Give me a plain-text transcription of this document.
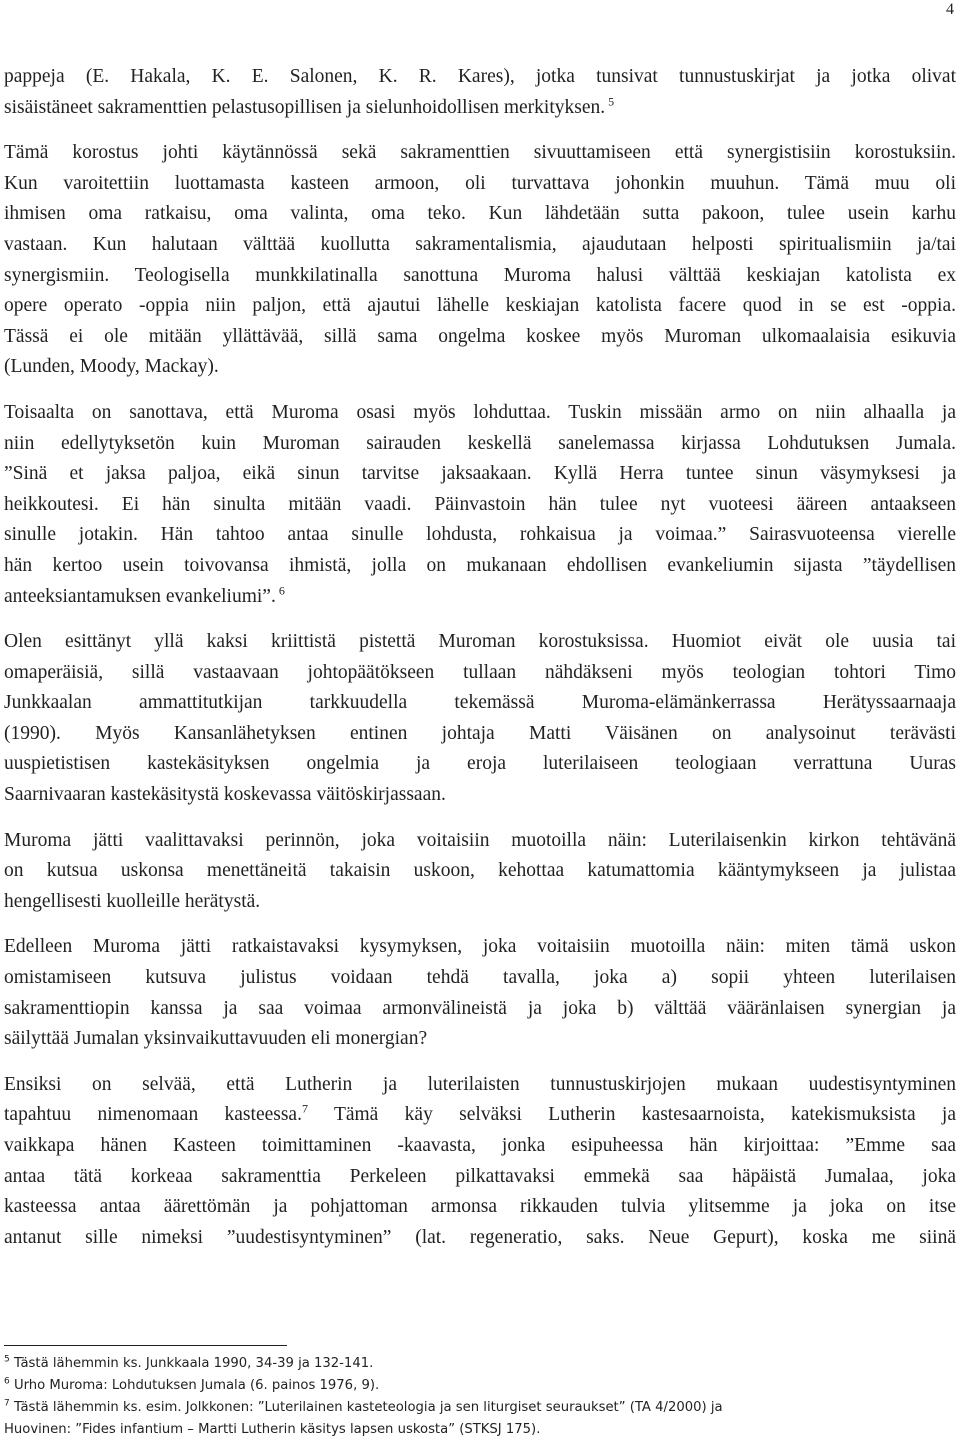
4

pappeja (E. Hakala, K. E. Salonen, K. R. Kares), jotka tunsivat tunnustuskirjat ja jotka olivat
sisäistäneet sakramenttien pelastusopillisen ja sielunhoidollisen merkityksen. $^5$

Tämä korostus johti käytännössä sekä sakramenttien sivuuttamiseen että synergistisiin korostuksiin.
Kun varoitettiin luottamasta kasteen armoon, oli turvattava johonkin muuhun. Tämä muu oli
ihmisen oma ratkaisu, oma valinta, oma teko. Kun lähdetään sutta pakoon, tulee usein karhu
vastaan. Kun halutaan välttää kuollutta sakramentalismia, ajaudutaan helposti spiritualismiin ja/tai
synergismiin. Teologisella munkkilatinalla sanottuna Muroma halusi välttää keskiajan katolista ex
opere operato -oppia niin paljon, että ajautui lähelle keskiajan katolista facere quod in se est -oppia.
Tässä ei ole mitään yllättävää, sillä sama ongelma koskee myös Muroman ulkomaalaisia esikuvia
(Lunden, Moody, Mackay).

Toisaalta on sanottava, että Muroma osasi myös lohduttaa. Tuskin missään armo on niin alhaalla ja
niin edellytyksetön kuin Muroman sairauden keskellä sanelemassa kirjassa Lohdutuksen Jumala.
”Sinä et jaksa paljoa, eikä sinun tarvitse jaksaakaan. Kyllä Herra tuntee sinun väsymyksesi ja
heikkoutesi. Ei hän sinulta mitään vaadi. Päinvastoin hän tulee nyt vuoteesi ääreen antaakseen
sinulle jotakin. Hän tahtoo antaa sinulle lohdusta, rohkaisua ja voimaa.” Sairasvuoteensa vierelle
hän kertoo usein toivovansa ihmistä, jolla on mukanaan ehdollisen evankeliumin sijasta ”täydellisen
anteeksiantamuksen evankeliumi”. $^6$

Olen esittänyt yllä kaksi kriittistä pistettä Muroman korostuksissa. Huomiot eivät ole uusia tai
omaperäisiä, sillä vastaavaan johtopäätökseen tullaan nähdäkseni myös teologian tohtori Timo
Junkkaalan ammattitutkijan tarkkuudella tekemässä Muroma-elämänkerrassa Herätyssaarnaaja
(1990). Myös Kansanlähetyksen entinen johtaja Matti Väisänen on analysoinut terävästi
uuspietistisen kastekäsityksen ongelmia ja eroja luterilaiseen teologiaan verrattuna Uuras
Saarnivaaran kastekäsitystä koskevassa väitöskirjassaan.

Muroma jätti vaalittavaksi perinnön, joka voitaisiin muotoilla näin: Luterilaisenkin kirkon tehtävänä
on kutsua uskonsa menettäneitä takaisin uskoon, kehottaa katumattomia kääntymykseen ja julistaa
hengellisesti kuolleille herätystä.

Edelleen Muroma jätti ratkaistavaksi kysymyksen, joka voitaisiin muotoilla näin: miten tämä uskon
omistamiseen kutsuva julistus voidaan tehdä tavalla, joka a) sopii yhteen luterilaisen
sakramenttiopin kanssa ja saa voimaa armonvälineistä ja joka b) välttää vääränlaisen synergian ja
säilyttää Jumalan yksinvaikuttavuuden eli monergian?

Ensiksi on selvää, että Lutherin ja luterilaisten tunnustuskirjojen mukaan uudestisyntyminen
tapahtuu nimenomaan kasteessa.$^7$ Tämä käy selväksi Lutherin kastesaarnoista, katekismuksista ja
vaikkapa hänen Kasteen toimittaminen -kaavasta, jonka esipuheessa hän kirjoittaa: ”Emme saa
antaa tätä korkeaa sakramenttia Perkeleen pilkattavaksi emmekä saa häpäistä Jumalaa, joka
kasteessa antaa äärettömän ja pohjattoman armonsa rikkauden tulvia ylitsemme ja joka on itse
antanut sille nimeksi ”uudestisyntyminen” (lat. regeneratio, saks. Neue Gepurt), koska me siinä

$^5$ Tästä lähemmin ks. Junkkaala 1990, 34-39 ja 132-141.
$^6$ Urho Muroma: Lohdutuksen Jumala (6. painos 1976, 9).
$^7$ Tästä lähemmin ks. esim. Jolkkonen: ”Luterilainen kasteteologia ja sen liturgiset seuraukset” (TA 4/2000) ja
Huovinen: ”Fides infantium – Martti Lutherin käsitys lapsen uskosta” (STKSJ 175).
